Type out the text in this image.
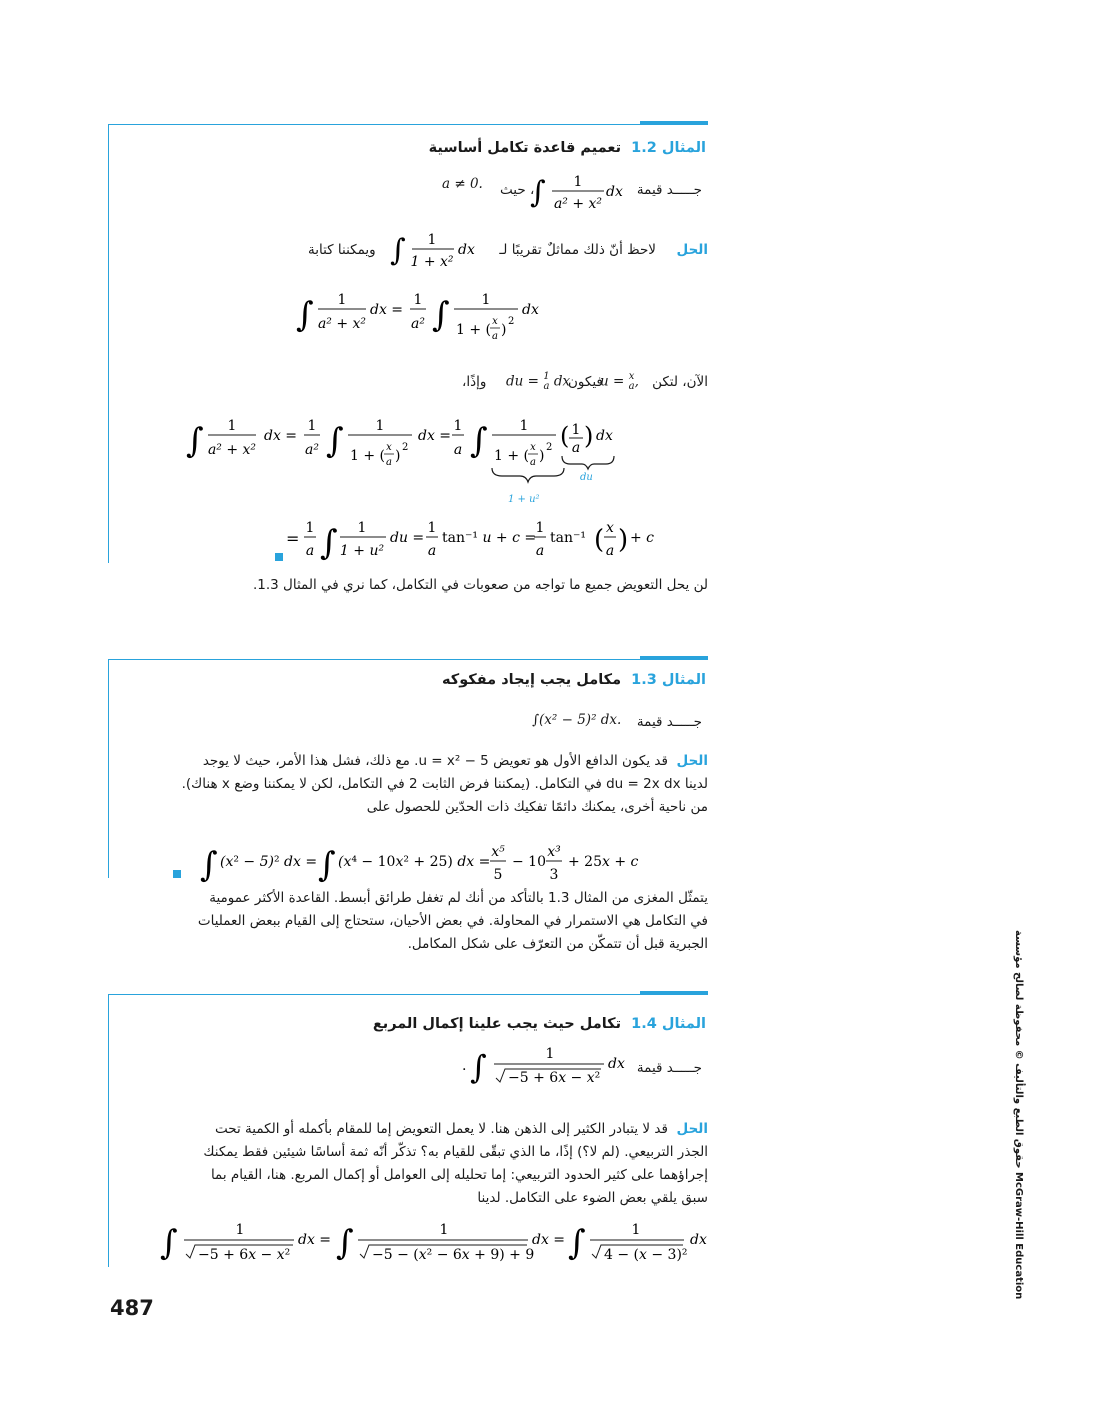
المثال 1.2  تعميم قاعدة تكامل أساسية
جـــــد قيمة
a ≠ 0. ، حيث
∫ 1
a² + x²
dx
الحل
لاحظ أنّ ذلك مماثلٌ تقريبًا لـ
∫ 1
1 + x²
dx
ويمكننا كتابة
∫ 1
a² + x²
dx =
1
a² ∫ 1
1 + (
x
a )
2
dx
الآن، لتكن
u = x
a,
فيكون
du = 1
a dx
وإذًا،
∫ 1
a² + x²
dx =
1
a² ∫ 1
1 + (
x
a )
2
dx =
1
a ∫ 1
1 + (
x
a )
2 ( 1
a ) dx
1 + u²
du
=
1
a ∫ 1
1 + u²
du =
1
a
tan⁻¹ u + c =
1
a
tan⁻¹ ( x
a ) + c
لن يحل التعويض جميع ما تواجه من صعوبات في التكامل، كما نري في المثال 1.3.
المثال 1.3  مكامل يجب إيجاد مفكوكه
جـــــد قيمة
∫(x² − 5)² dx.
الحل  قد يكون الدافع الأول هو تعويض u = x² − 5. مع ذلك، فشل هذا الأمر، حيث لا يوجد
لدينا du = 2x dx في التكامل. (يمكننا فرض الثابت 2 في التكامل، لكن لا يمكننا وضع x هناك).
من ناحية أخرى، يمكنك دائمًا تفكيك ذات الحدّين للحصول على
∫ (x² − 5)² dx = ∫ (x⁴ − 10x² + 25) dx =
x⁵
5
− 10
x³
3
+ 25x + c
يتمثّل المغزى من المثال 1.3 بالتأكد من أنك لم تغفل طرائق أبسط. القاعدة الأكثر عمومية
في التكامل هي الاستمرار في المحاولة. في بعض الأحيان، ستحتاج إلى القيام ببعض العمليات
الجبرية قبل أن تتمكّن من التعرّف على شكل المكامل.
المثال 1.4  تكامل حيث يجب علينا إكمال المربع
جـــــد قيمة
. ∫	1
−5 + 6x − x²
dx
الحل  قد لا يتبادر الكثير إلى الذهن هنا. لا يعمل التعويض إما للمقام بأكمله أو الكمية تحت
الجذر التربيعي. (لم لا؟) إذًا، ما الذي تبقّى للقيام به؟ تذكّر أنّه ثمة أساسًا شيئين فقط يمكنك
إجراؤهما على كثير الحدود التربيعي: إما تحليله إلى العوامل أو إكمال المربع. هنا، القيام بما
سبق يلقي بعض الضوء على التكامل. لدينا
∫	1
−5 + 6x − x²
dx = ∫	1
−5 − (x² − 6x + 9) + 9
dx = ∫	1
4 − (x − 3)²
dx
487
حقوق الطبع والتأليف © محفوظة لصالح مؤسسة McGraw-Hill Education
